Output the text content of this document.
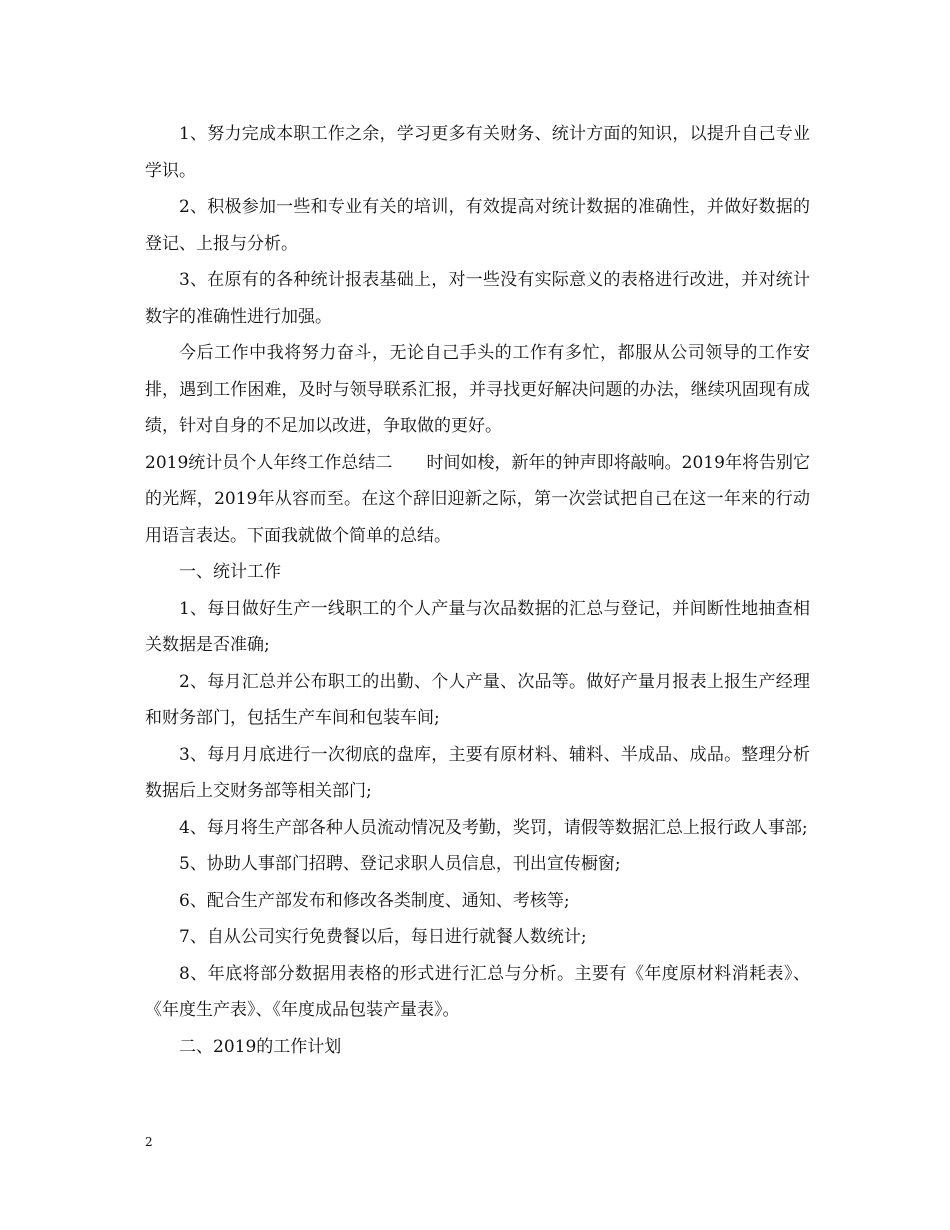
1、努力完成本职工作之余，学习更多有关财务、统计方面的知识，以提升自己专业学识。

2、积极参加一些和专业有关的培训，有效提高对统计数据的准确性，并做好数据的登记、上报与分析。

3、在原有的各种统计报表基础上，对一些没有实际意义的表格进行改进，并对统计数字的准确性进行加强。

今后工作中我将努力奋斗，无论自己手头的工作有多忙，都服从公司领导的工作安排，遇到工作困难，及时与领导联系汇报，并寻找更好解决问题的办法，继续巩固现有成绩，针对自身的不足加以改进，争取做的更好。

2019统计员个人年终工作总结二　　时间如梭，新年的钟声即将敲响。2019年将告别它的光辉，2019年从容而至。在这个辞旧迎新之际，第一次尝试把自己在这一年来的行动用语言表达。下面我就做个简单的总结。

一、统计工作

1、每日做好生产一线职工的个人产量与次品数据的汇总与登记，并间断性地抽查相关数据是否准确;

2、每月汇总并公布职工的出勤、个人产量、次品等。做好产量月报表上报生产经理和财务部门，包括生产车间和包装车间;

3、每月月底进行一次彻底的盘库，主要有原材料、辅料、半成品、成品。整理分析数据后上交财务部等相关部门;

4、每月将生产部各种人员流动情况及考勤，奖罚，请假等数据汇总上报行政人事部;

5、协助人事部门招聘、登记求职人员信息，刊出宣传橱窗;

6、配合生产部发布和修改各类制度、通知、考核等;

7、自从公司实行免费餐以后，每日进行就餐人数统计;

8、年底将部分数据用表格的形式进行汇总与分析。主要有《年度原材料消耗表》、《年度生产表》、《年度成品包装产量表》。

二、2019的工作计划

2
